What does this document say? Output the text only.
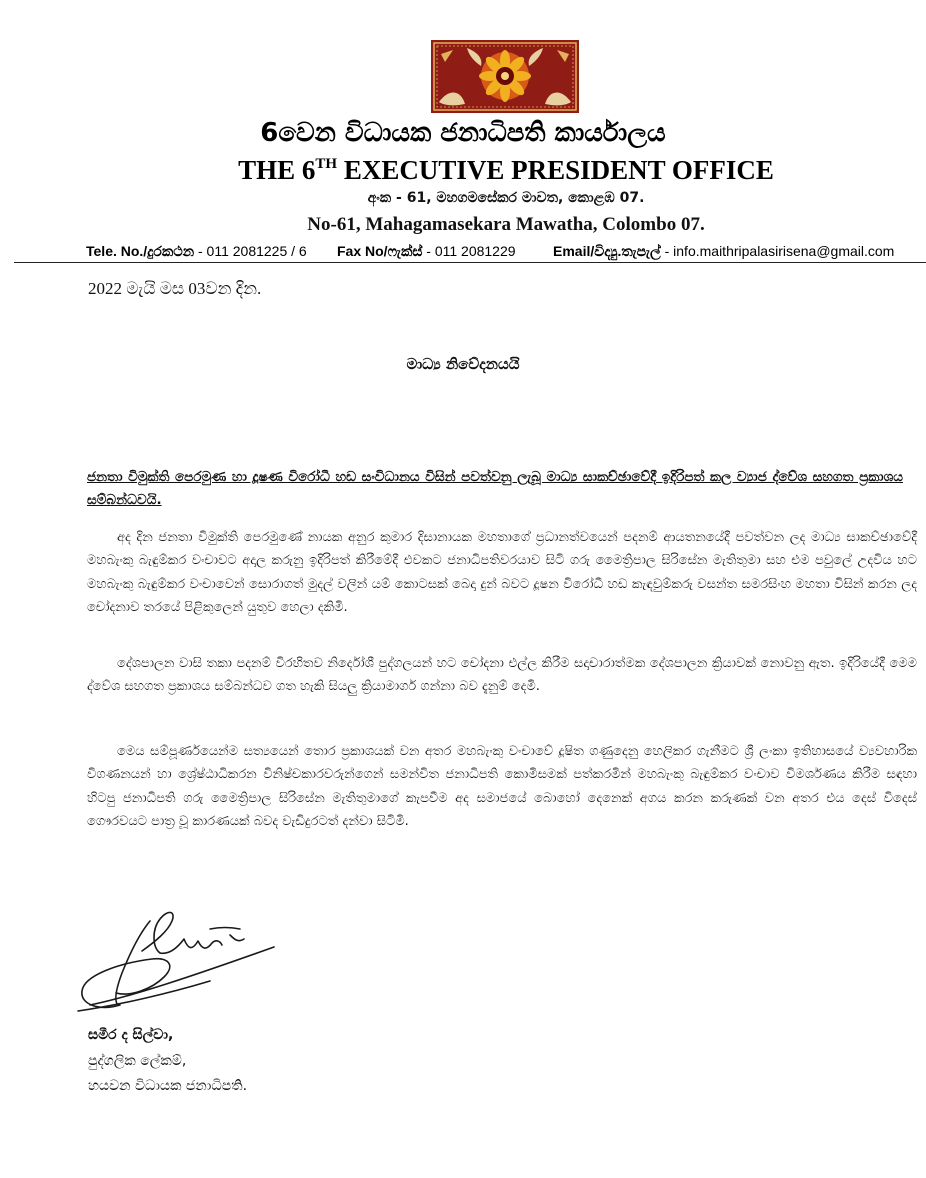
6වෙන විධායක ජනාධිපති කාර්යාලය
THE 6TH EXECUTIVE PRESIDENT OFFICE
අංක - 61, මහගමසේකර මාවත, කොළඹ 07.
No-61, Mahagamasekara Mawatha, Colombo 07.
Tele. No./දුරකථන - 011 2081225 / 6 Fax No/ෆැක්ස් - 011 2081229	Email/විද්‍යු.තැපැල් - info.maithripalasirisena@gmail.com
2022 මැයි මස 03වන දින.
මාධ්‍ය නිවේදනයයි
ජනතා විමුක්ති පෙරමුණ හා දූෂණ විරෝධී හඩ සංවිධානය විසින් පවත්වනු ලැබූ මාධ්‍ය සාකච්ඡාවේදී ඉදිරිපත් කල ව්‍යාජ ද්වේශ සහගත ප්‍රකාශය සම්බන්ධවයි.
අද දින ජනතා විමුක්ති පෙරමුණේ නායක අනුර කුමාර දිසානායක මහතාගේ ප්‍රධානත්වයෙන් පදනම් ආයතනයේදී පවත්වන ලද මාධ්‍ය සාකච්ඡාවේදී මහබැංකු බැඳුම්කර වංචාවට අදාල කරුනු ඉදිරිපත් කිරීමේදී එවකට ජනාධිපතිවරයාව සිටි ගරු මෛත්‍රිපාල සිරිසේන මැතිතුමා සහ එම පවුලේ උදවිය හට මහබැංකු බැඳුම්කර වංචාවෙන් සොරාගත් මුදල් වලින් යම් කොටසක් බෙදා දුන් බවට දූෂන විරෝධී හඩ කැඳවුම්කරු වසන්ත සමරසිංහ මහතා විසින් කරන ලද චෝදනාව තරයේ පිළිකුලෙන් යුතුව හෙලා දකිමි.
දේශපාලන වාසි තකා පදනම් විරහිතව නිර්දෝශී පුද්ගලයන් හට චෝදනා එල්ල කිරීම සදාචාරාත්මක දේශපාලන ක්‍රියාවක් නොවනු ඇත. ඉදිරියේදී මෙම ද්වේශ සහගත ප්‍රකාශය සම්බන්ධව ගත හැකි සියලු ක්‍රියාමාර්ග ගන්නා බව දැනුම් දෙමි.
මෙය සම්පූර්ණයෙන්ම සත්‍යයෙන් තොර ප්‍රකාශයක් වන අතර මහබැංකු වංචාවේ දූෂිත ගණුදෙනු හෙලිකර ගැනීමට ශ්‍රී ලංකා ඉතිහාසයේ ව්‍යවහාරික විගණනයන් හා ශ්‍රේෂ්ඨාධිකරන විනිෂ්චකාරවරුන්ගෙන් සමන්විත ජනාධිපති කොමිසමක් පත්කරමින් මහබැංකු බැඳුම්කර වංචාව විමර්ශණය කිරීම සඳහා හිටපු ජනාධිපති ගරු මෛත්‍රිපාල සිරිසේන මැතිතුමාගේ කැපවීම අද සමාජයේ බොහෝ දෙනෙක් අගය කරන කරුණක් වන අතර එය දෙස් විදෙස් ගෞරවයට පාත්‍ර වූ කාරණයක් බවද වැඩිදුරටත් දන්වා සිටිමි.
සමීර ද සිල්වා,
පුද්ගලික ලේකම්,
හයවන විධායක ජනාධිපති.
